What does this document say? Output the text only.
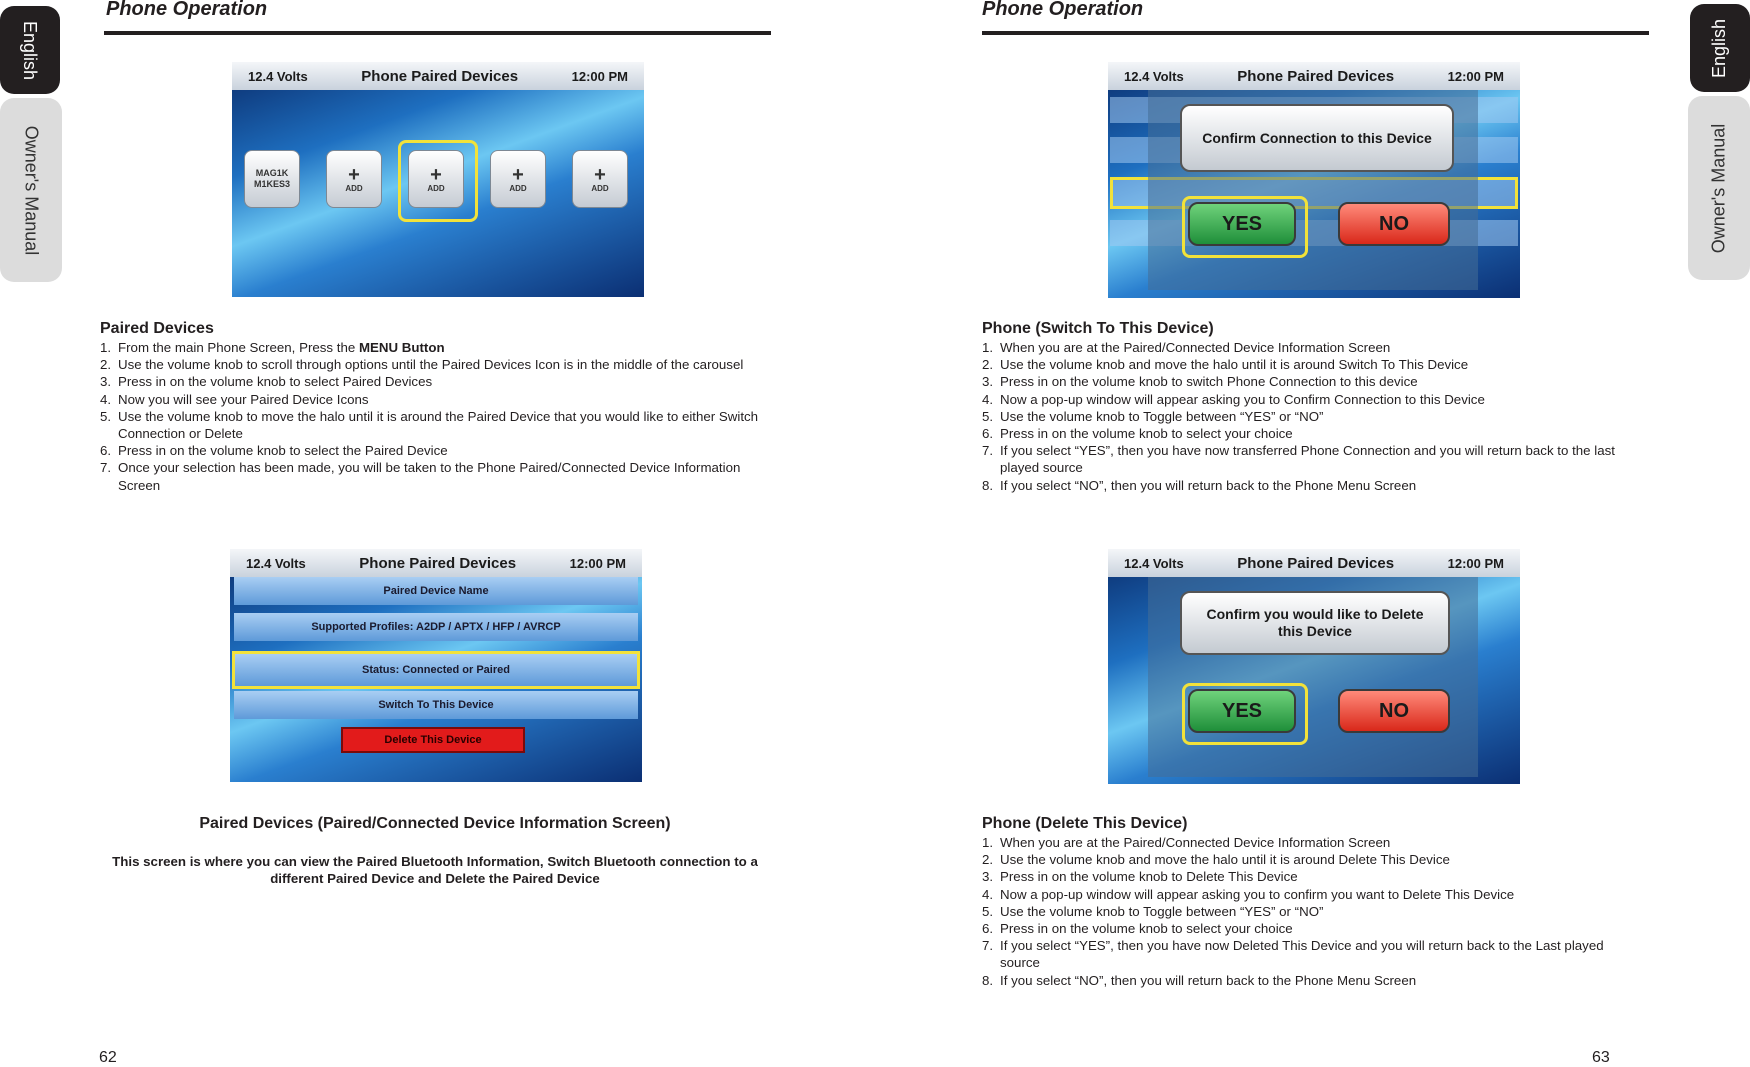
English
Owner's Manual
Phone Operation
12.4 Volts	Phone Paired Devices	12:00 PM
MAG1K M1KES3	+
ADD
+
ADD
+
ADD
+
ADD
Paired Devices
1. From the main Phone Screen, Press the MENU Button
2. Use the volume knob to scroll through options until the Paired Devices Icon is in the middle of the carousel
3. Press in on the volume knob to select Paired Devices
4. Now you will see your Paired Device Icons
5. Use the volume knob to move the halo until it is around the Paired Device that you would like to either Switch Connection or Delete
6. Press in on the volume knob to select the Paired Device
7. Once your selection has been made, you will be taken to the Phone Paired/Connected Device Information Screen
12.4 Volts	Phone Paired Devices	12:00 PM
Paired Device Name
Supported Profiles: A2DP / APTX / HFP / AVRCP
Status: Connected or Paired
Switch To This Device
Delete This Device
Paired Devices (Paired/Connected Device Information Screen)
This screen is where you can view the Paired Bluetooth Information, Switch Bluetooth connection to a different Paired Device and Delete the Paired Device
62
Phone Operation
English
Owner's Manual
12.4 Volts	Phone Paired Devices	12:00 PM
Confirm Connection to this Device
YES	NO
Phone (Switch To This Device)
1. When you are at the Paired/Connected Device Information Screen
2. Use the volume knob and move the halo until it is around Switch To This Device
3. Press in on the volume knob to switch Phone Connection to this device
4. Now a pop-up window will appear asking you to Confirm Connection to this Device
5. Use the volume knob to Toggle between “YES” or “NO”
6. Press in on the volume knob to select your choice
7. If you select “YES”, then you have now transferred Phone Connection and you will return back to the last played source
8. If you select “NO”, then you will return back to the Phone Menu Screen
12.4 Volts	Phone Paired Devices	12:00 PM
Confirm you would like to Delete this Device
YES	NO
Phone (Delete This Device)
1. When you are at the Paired/Connected Device Information Screen
2. Use the volume knob and move the halo until it is around Delete This Device
3. Press in on the volume knob to Delete This Device
4. Now a pop-up window will appear asking you to confirm you want to Delete This Device
5. Use the volume knob to Toggle between “YES” or “NO”
6. Press in on the volume knob to select your choice
7. If you select “YES”, then you have now Deleted This Device and you will return back to the Last played source
8. If you select “NO”, then you will return back to the Phone Menu Screen
63
